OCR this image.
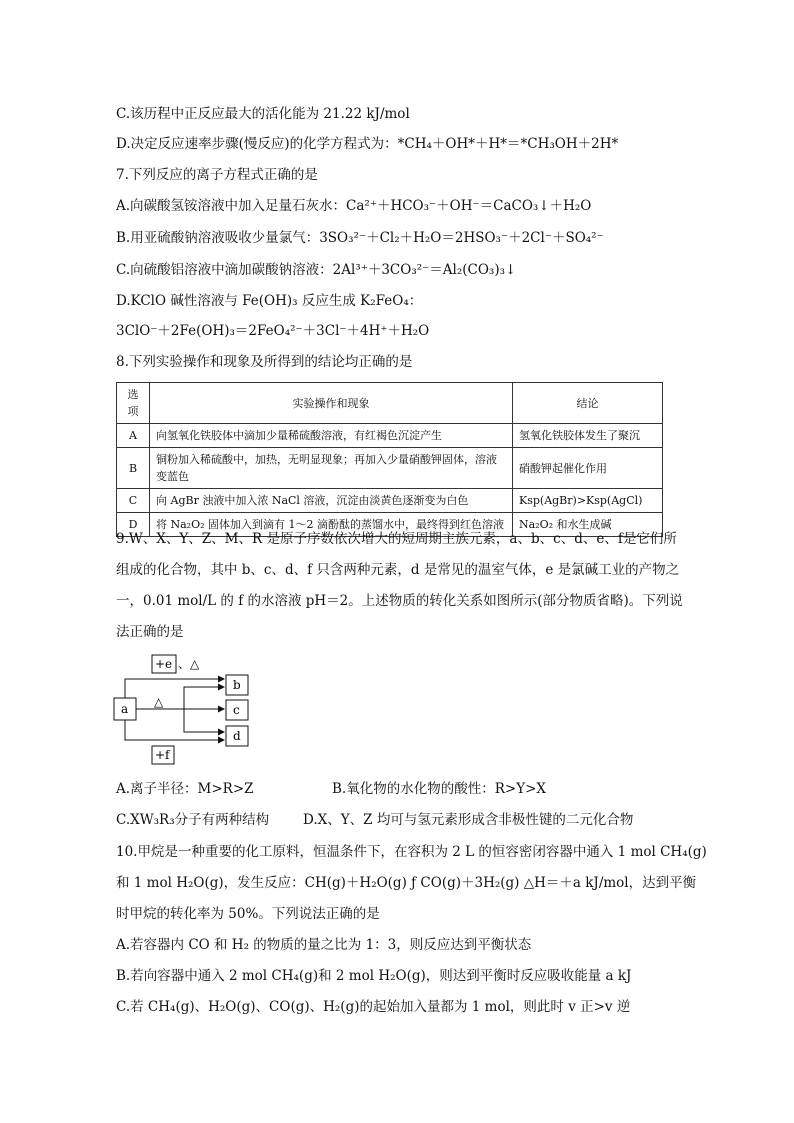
C.该历程中正反应最大的活化能为 21.22 kJ/mol
D.决定反应速率步骤(慢反应)的化学方程式为：*CH₄＋OH*＋H*＝*CH₃OH＋2H*
7.下列反应的离子方程式正确的是
A.向碳酸氢铵溶液中加入足量石灰水：Ca²⁺＋HCO₃⁻＋OH⁻＝CaCO₃↓＋H₂O
B.用亚硫酸钠溶液吸收少量氯气：3SO₃²⁻＋Cl₂＋H₂O＝2HSO₃⁻＋2Cl⁻＋SO₄²⁻
C.向硫酸铝溶液中滴加碳酸钠溶液：2Al³⁺＋3CO₃²⁻＝Al₂(CO₃)₃↓
D.KClO 碱性溶液与 Fe(OH)₃ 反应生成 K₂FeO₄：
3ClO⁻＋2Fe(OH)₃＝2FeO₄²⁻＋3Cl⁻＋4H⁺＋H₂O
8.下列实验操作和现象及所得到的结论均正确的是
选项	实验操作和现象	结论
A	向氢氧化铁胶体中滴加少量稀硫酸溶液，有红褐色沉淀产生	氢氧化铁胶体发生了聚沉
B	铜粉加入稀硫酸中，加热，无明显现象；再加入少量硝酸钾固体，溶液变蓝色	硝酸钾起催化作用
C	向 AgBr 浊液中加入浓 NaCl 溶液，沉淀由淡黄色逐渐变为白色	Ksp(AgBr)>Ksp(AgCl)
D	将 Na₂O₂ 固体加入到滴有 1～2 滴酚酞的蒸馏水中，最终得到红色溶液	Na₂O₂ 和水生成碱
9.W、X、Y、Z、M、R 是原子序数依次增大的短周期主族元素，a、b、c、d、e、f是它们所
组成的化合物，其中 b、c、d、f 只含两种元素，d 是常见的温室气体，e 是氯碱工业的产物之
一，0.01 mol/L 的 f 的水溶液 pH＝2。上述物质的转化关系如图所示(部分物质省略)。下列说
法正确的是
+e 、△
a
b
c
d
△
+f
A.离子半径：M>R>Z	B.氧化物的水化物的酸性：R>Y>X
C.XW₃R₃分子有两种结构	D.X、Y、Z 均可与氢元素形成含非极性键的二元化合物
10.甲烷是一种重要的化工原料，恒温条件下，在容积为 2 L 的恒容密闭容器中通入 1 mol CH₄(g)
和 1 mol H₂O(g)，发生反应：CH(g)＋H₂O(g) ƒ CO(g)＋3H₂(g) △H＝＋a kJ/mol，达到平衡
时甲烷的转化率为 50%。下列说法正确的是
A.若容器内 CO 和 H₂ 的物质的量之比为 1：3，则反应达到平衡状态
B.若向容器中通入 2 mol CH₄(g)和 2 mol H₂O(g)，则达到平衡时反应吸收能量 a kJ
C.若 CH₄(g)、H₂O(g)、CO(g)、H₂(g)的起始加入量都为 1 mol，则此时 v 正>v 逆
